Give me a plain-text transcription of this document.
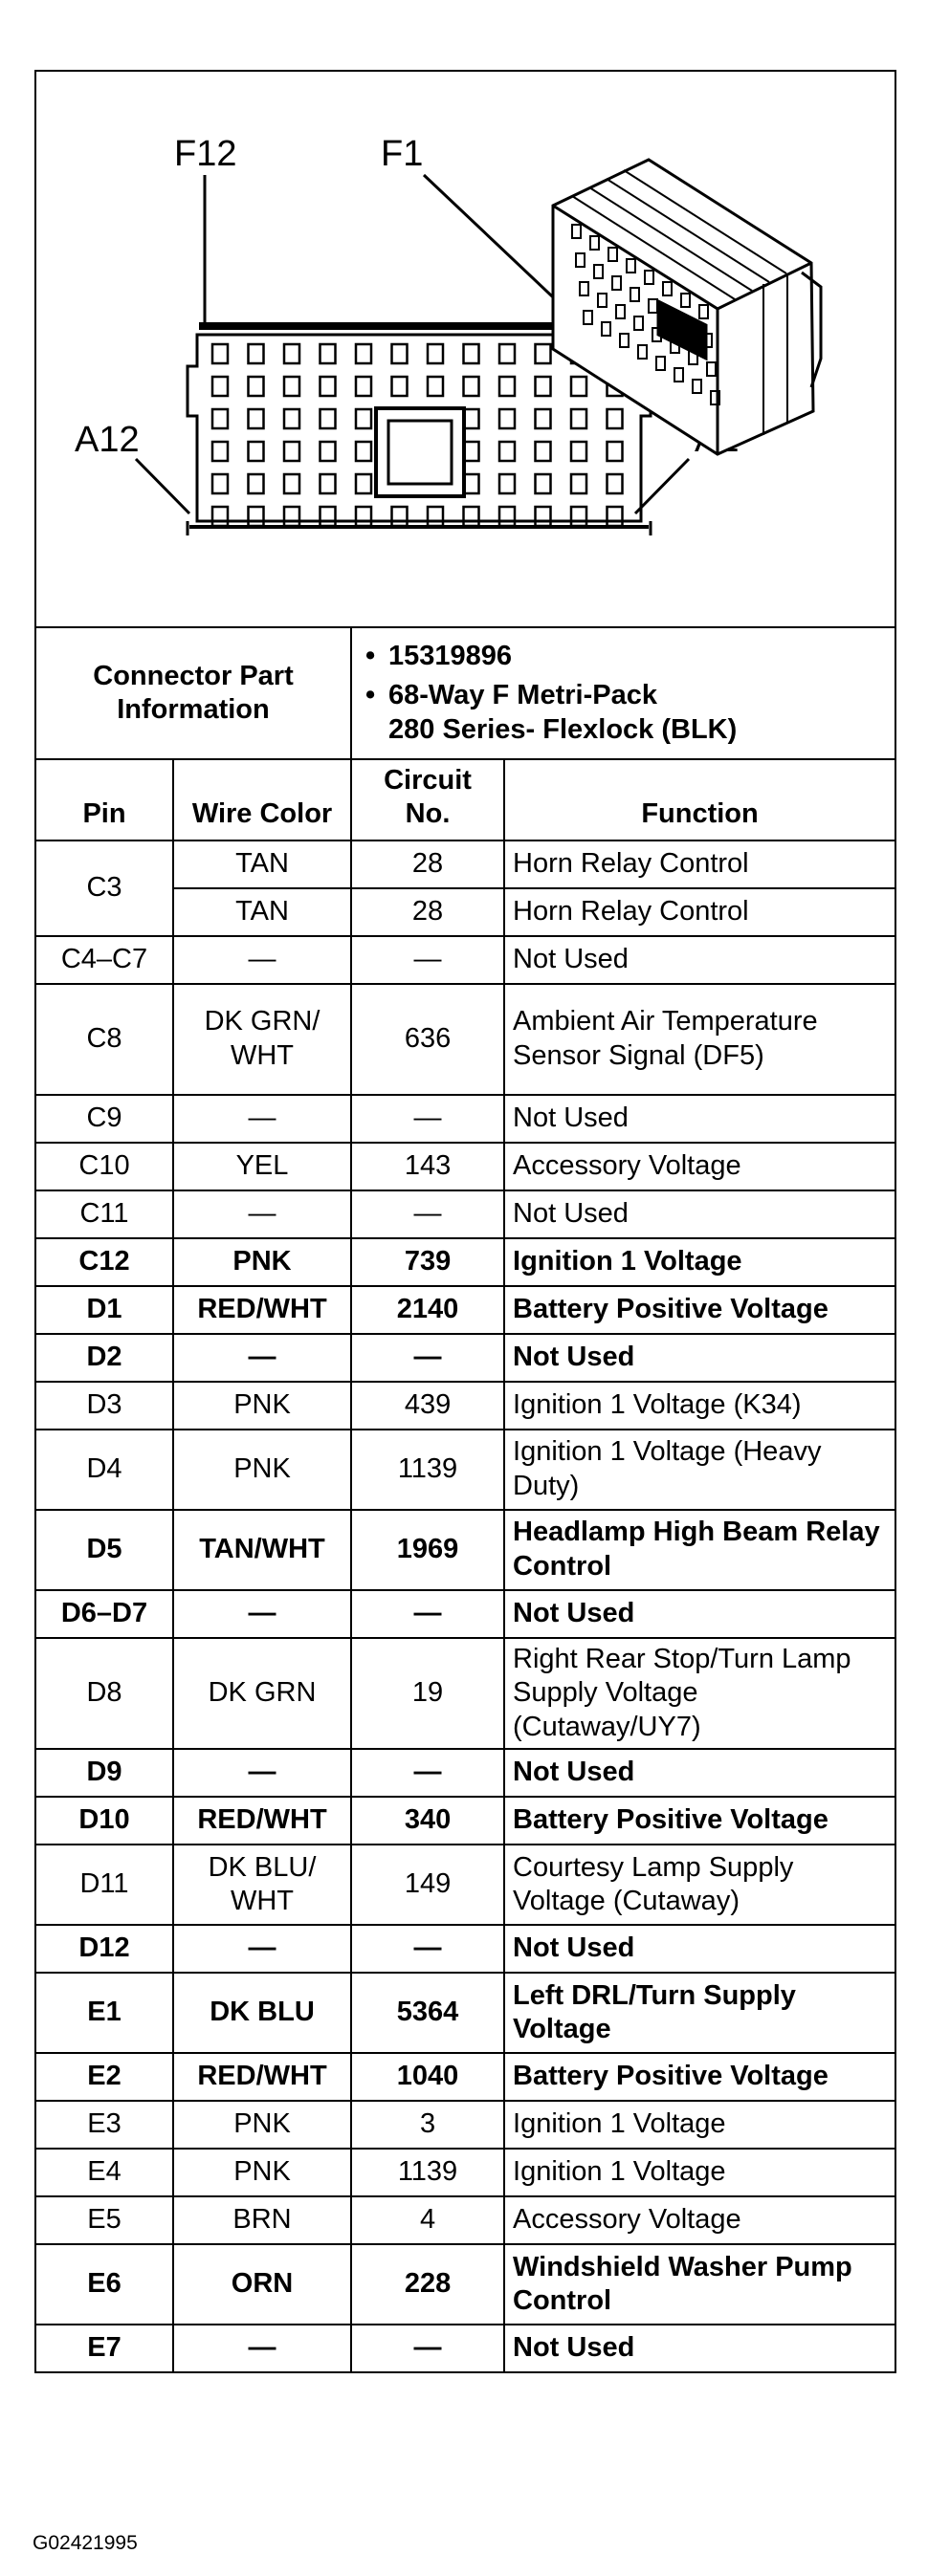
F12	F1
A12
Connector Part Information		• 15319896
• 68-Way F Metri-Pack
280 Series- Flexlock (BLK)

Pin	Wire Color	Circuit No.	Function
C3	TAN	28	Horn Relay Control
	TAN	28	Horn Relay Control
C4–C7	—	—	Not Used
C8	DK GRN/ WHT	636	Ambient Air Temperature Sensor Signal (DF5)
C9	—	—	Not Used
C10	YEL	143	Accessory Voltage
C11	—	—	Not Used
C12	PNK	739	Ignition 1 Voltage
D1	RED/WHT	2140	Battery Positive Voltage
D2	—	—	Not Used
D3	PNK	439	Ignition 1 Voltage (K34)
D4	PNK	1139	Ignition 1 Voltage (Heavy Duty)
D5	TAN/WHT	1969	Headlamp High Beam Relay Control
D6–D7	—	—	Not Used
D8	DK GRN	19	Right Rear Stop/Turn Lamp Supply Voltage (Cutaway/UY7)
D9	—	—	Not Used
D10	RED/WHT	340	Battery Positive Voltage
D11	DK BLU/ WHT	149	Courtesy Lamp Supply Voltage (Cutaway)
D12	—	—	Not Used
E1	DK BLU	5364	Left DRL/Turn Supply Voltage
E2	RED/WHT	1040	Battery Positive Voltage
E3	PNK	3	Ignition 1 Voltage
E4	PNK	1139	Ignition 1 Voltage
E5	BRN	4	Accessory Voltage
E6	ORN	228	Windshield Washer Pump Control
E7	—	—	Not Used
G02421995
